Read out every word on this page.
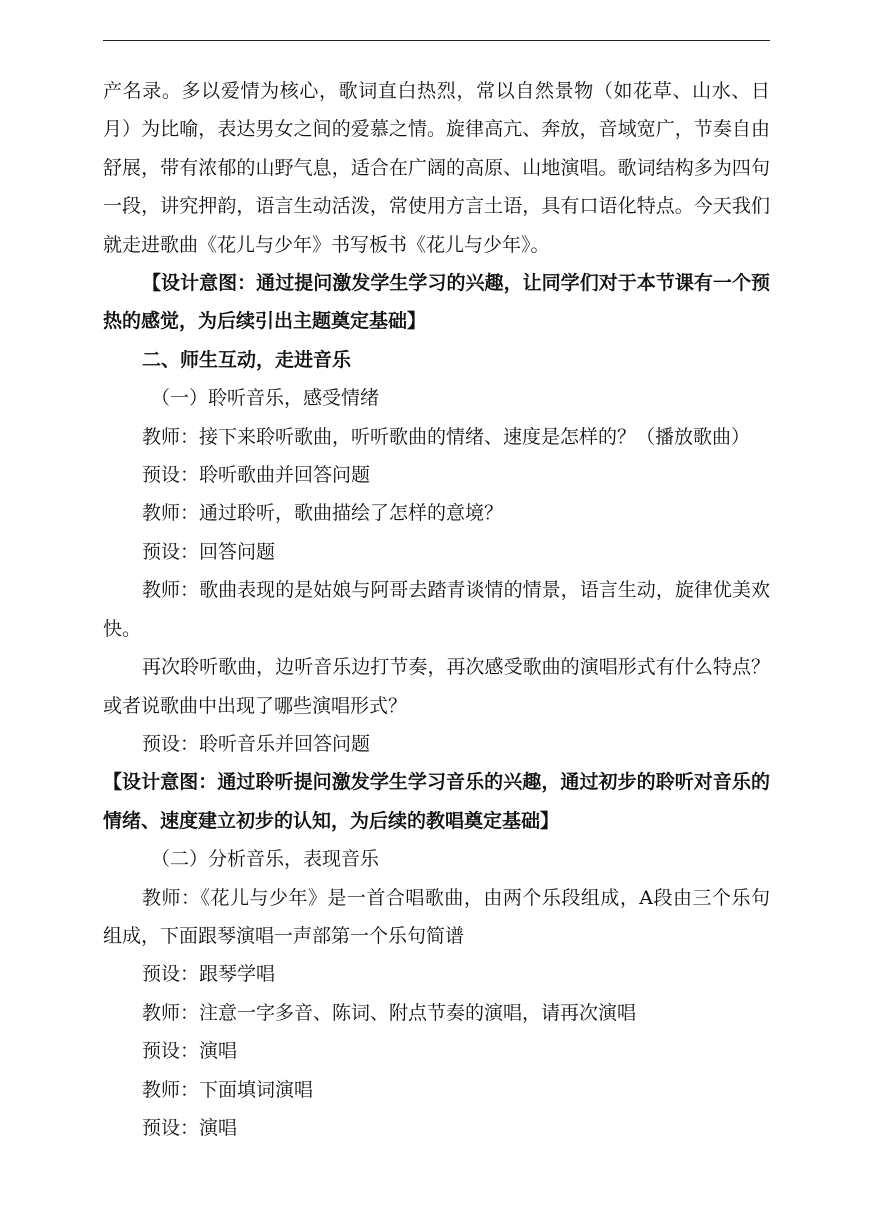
产名录。多以爱情为核心，歌词直白热烈，常以自然景物（如花草、山水、日月）为比喻，表达男女之间的爱慕之情。旋律高亢、奔放，音域宽广，节奏自由舒展，带有浓郁的山野气息，适合在广阔的高原、山地演唱。歌词结构多为四句一段，讲究押韵，语言生动活泼，常使用方言土语，具有口语化特点。今天我们就走进歌曲《花儿与少年》书写板书《花儿与少年》。

【设计意图：通过提问激发学生学习的兴趣，让同学们对于本节课有一个预热的感觉，为后续引出主题奠定基础】

二、师生互动，走进音乐

（一）聆听音乐，感受情绪

教师：接下来聆听歌曲，听听歌曲的情绪、速度是怎样的？（播放歌曲）

预设：聆听歌曲并回答问题

教师：通过聆听，歌曲描绘了怎样的意境？

预设：回答问题

教师：歌曲表现的是姑娘与阿哥去踏青谈情的情景，语言生动，旋律优美欢快。

再次聆听歌曲，边听音乐边打节奏，再次感受歌曲的演唱形式有什么特点？或者说歌曲中出现了哪些演唱形式？

预设：聆听音乐并回答问题

【设计意图：通过聆听提问激发学生学习音乐的兴趣，通过初步的聆听对音乐的情绪、速度建立初步的认知，为后续的教唱奠定基础】

（二）分析音乐，表现音乐

教师：《花儿与少年》是一首合唱歌曲，由两个乐段组成，A段由三个乐句组成，下面跟琴演唱一声部第一个乐句简谱

预设：跟琴学唱

教师：注意一字多音、陈词、附点节奏的演唱，请再次演唱

预设：演唱

教师：下面填词演唱

预设：演唱
